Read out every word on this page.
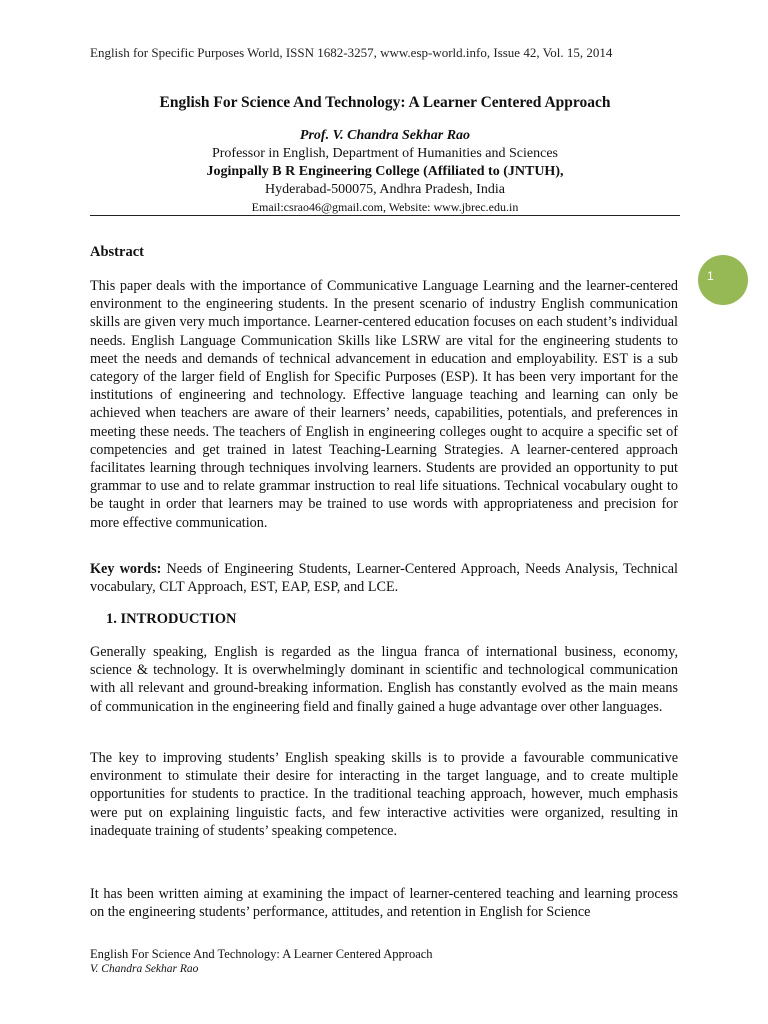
English for Specific Purposes World, ISSN 1682-3257, www.esp-world.info, Issue 42, Vol. 15, 2014
English For Science And Technology: A Learner Centered Approach
Prof. V. Chandra Sekhar Rao
Professor in English, Department of Humanities and Sciences
Joginpally B R Engineering College (Affiliated to (JNTUH),
Hyderabad-500075, Andhra Pradesh, India
Email:csrao46@gmail.com, Website: www.jbrec.edu.in
1
Abstract
This paper deals with the importance of Communicative Language Learning and the learner-centered environment to the engineering students. In the present scenario of industry English communication skills are given very much importance. Learner-centered education focuses on each student’s individual needs. English Language Communication Skills like LSRW are vital for the engineering students to meet the needs and demands of technical advancement in education and employability. EST is a sub category of the larger field of English for Specific Purposes (ESP). It has been very important for the institutions of engineering and technology. Effective language teaching and learning can only be achieved when teachers are aware of their learners’ needs, capabilities, potentials, and preferences in meeting these needs. The teachers of English in engineering colleges ought to acquire a specific set of competencies and get trained in latest Teaching-Learning Strategies. A learner-centered approach facilitates learning through techniques involving learners. Students are provided an opportunity to put grammar to use and to relate grammar instruction to real life situations. Technical vocabulary ought to be taught in order that learners may be trained to use words with appropriateness and precision for more effective communication.
Key words: Needs of Engineering Students, Learner-Centered Approach, Needs Analysis, Technical vocabulary, CLT Approach, EST, EAP, ESP, and LCE.
1. INTRODUCTION
Generally speaking, English is regarded as the lingua franca of international business, economy, science & technology. It is overwhelmingly dominant in scientific and technological communication with all relevant and ground-breaking information. English has constantly evolved as the main means of communication in the engineering field and finally gained a huge advantage over other languages.
The key to improving students’ English speaking skills is to provide a favourable communicative environment to stimulate their desire for interacting in the target language, and to create multiple opportunities for students to practice. In the traditional teaching approach, however, much emphasis were put on explaining linguistic facts, and few interactive activities were organized, resulting in inadequate training of students’ speaking competence.
It has been written aiming at examining the impact of learner-centered teaching and learning process on the engineering students’ performance, attitudes, and retention in English for Science
English For Science And Technology: A Learner Centered Approach
V. Chandra Sekhar Rao
